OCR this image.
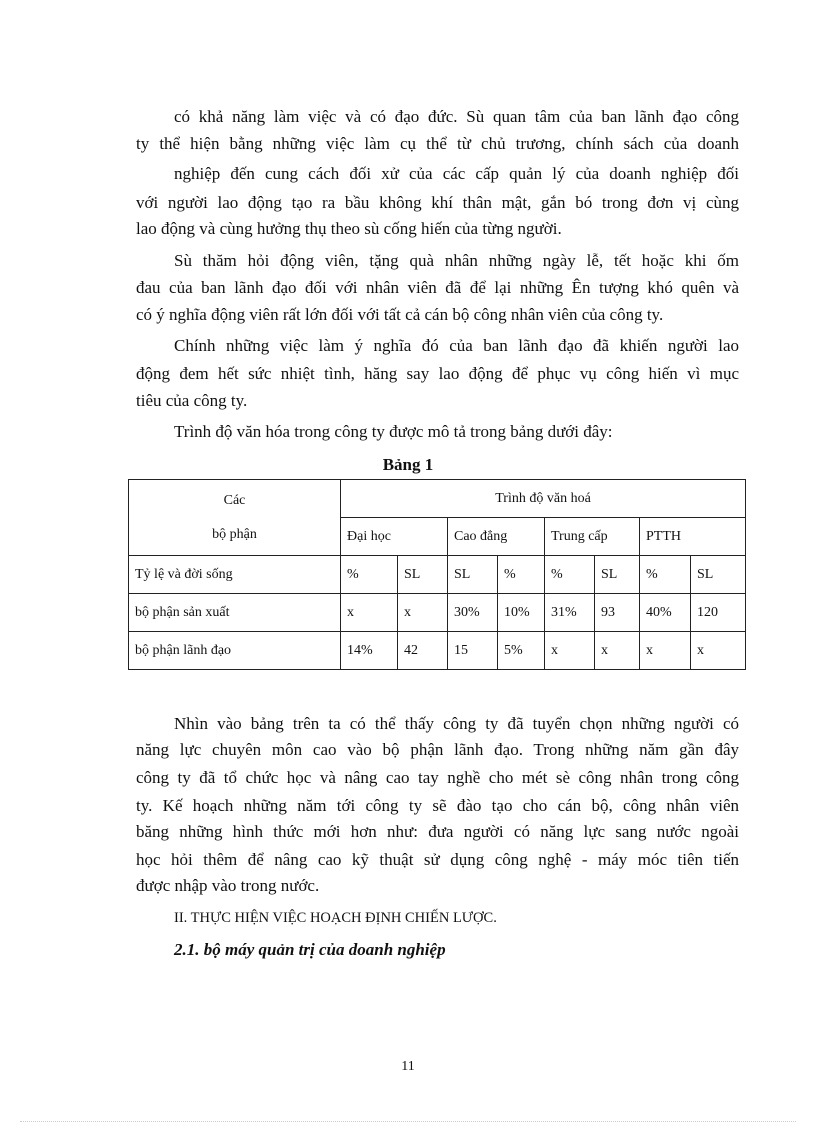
có khả năng làm việc và có đạo đức. Sù quan tâm của ban lãnh đạo công
ty thể hiện bằng những việc làm cụ thể từ chủ trương, chính sách của doanh
nghiệp đến cung cách đối xử của các cấp quản lý của doanh nghiệp đối
với người lao động tạo ra bầu không khí thân mật, gắn bó trong đơn vị cùng
lao động và cùng hưởng thụ theo sù cống hiến của từng người.
Sù thăm hỏi động viên, tặng quà nhân những ngày lễ, tết hoặc khi ốm
đau của ban lãnh đạo đối với nhân viên đã để lại những Ên tượng khó quên và
có ý nghĩa động viên rất lớn đối với tất cả cán bộ công nhân viên của công ty.
Chính những việc làm ý nghĩa đó của ban lãnh đạo đã khiến người lao
động đem hết sức nhiệt tình, hăng say lao động để phục vụ công hiến vì mục
tiêu của công ty.
Trình độ văn hóa trong công ty được mô tả trong bảng dưới đây:
Bảng 1
Các
bộ phận	Trình độ văn hoá							
	Đại học		Cao đẳng		Trung cấp		PTTH	
Tỷ lệ và đời sống	%	SL	SL	%	%	SL	%	SL
bộ phận sản xuất	x	x	30%	10%	31%	93	40%	120
bộ phận lãnh đạo	14%	42	15	5%	x	x	x	x
Nhìn vào bảng trên ta có thể thấy công ty đã tuyển chọn những người có
năng lực chuyên môn cao vào bộ phận lãnh đạo. Trong những năm gần đây
công ty đã tổ chức học và nâng cao tay nghề cho mét sè công nhân trong công
ty. Kế hoạch những năm tới công ty sẽ đào tạo cho cán bộ, công nhân viên
băng những hình thức mới hơn như: đưa người có năng lực sang nước ngoài
học hỏi thêm để nâng cao kỹ thuật sử dụng công nghệ - máy móc tiên tiến
được nhập vào trong nước.
II. THỰC HIỆN VIỆC HOẠCH ĐỊNH CHIẾN LƯỢC.
2.1. bộ máy quản trị của doanh nghiệp
11
